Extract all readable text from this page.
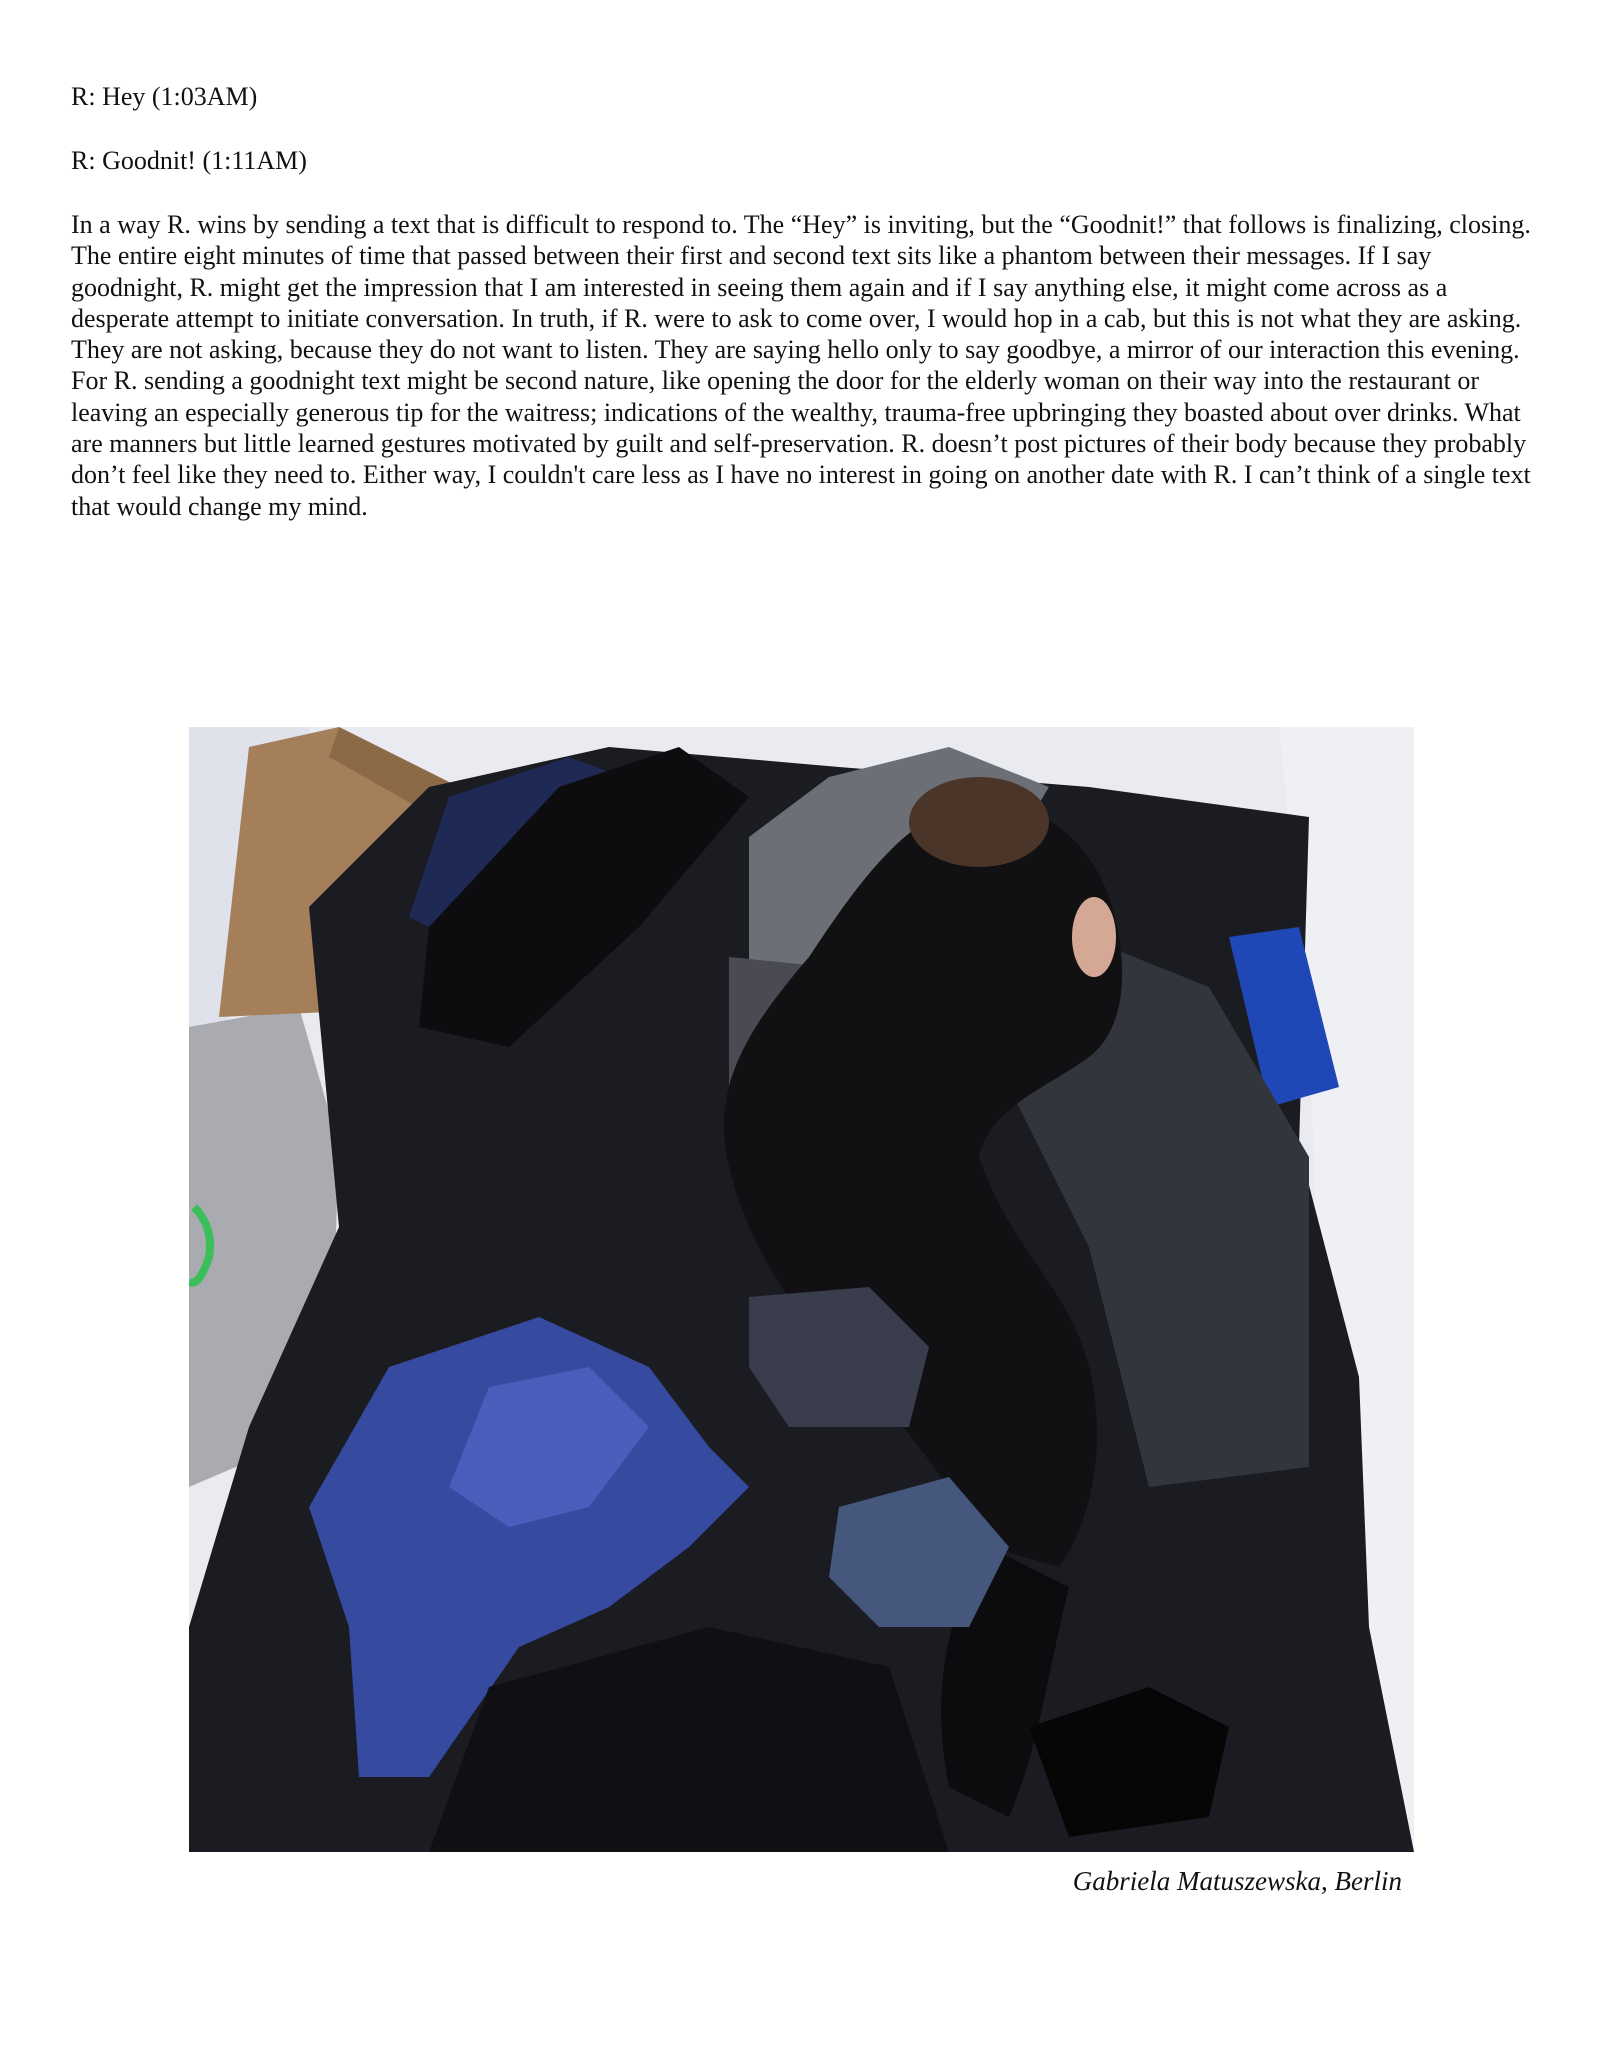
R: Hey (1:03AM)

R: Goodnit! (1:11AM)

In a way R. wins by sending a text that is difficult to respond to. The “Hey” is inviting, but the “Goodnit!” that follows is finalizing, closing. The entire eight minutes of time that passed between their first and second text sits like a phantom between their messages. If I say goodnight, R. might get the impression that I am interested in seeing them again and if I say anything else, it might come across as a desperate attempt to initiate conversation. In truth, if R. were to ask to come over, I would hop in a cab, but this is not what they are asking. They are not asking, because they do not want to listen. They are saying hello only to say goodbye, a mirror of our interaction this evening. For R. sending a goodnight text might be second nature, like opening the door for the elderly woman on their way into the restaurant or leaving an especially generous tip for the waitress; indications of the wealthy, trauma-free upbringing they boasted about over drinks. What are manners but little learned gestures motivated by guilt and self-preservation. R. doesn’t post pictures of their body because they probably don’t feel like they need to. Either way, I couldn't care less as I have no interest in going on another date with R. I can’t think of a single text that would change my mind.

Gabriela Matuszewska, Berlin
